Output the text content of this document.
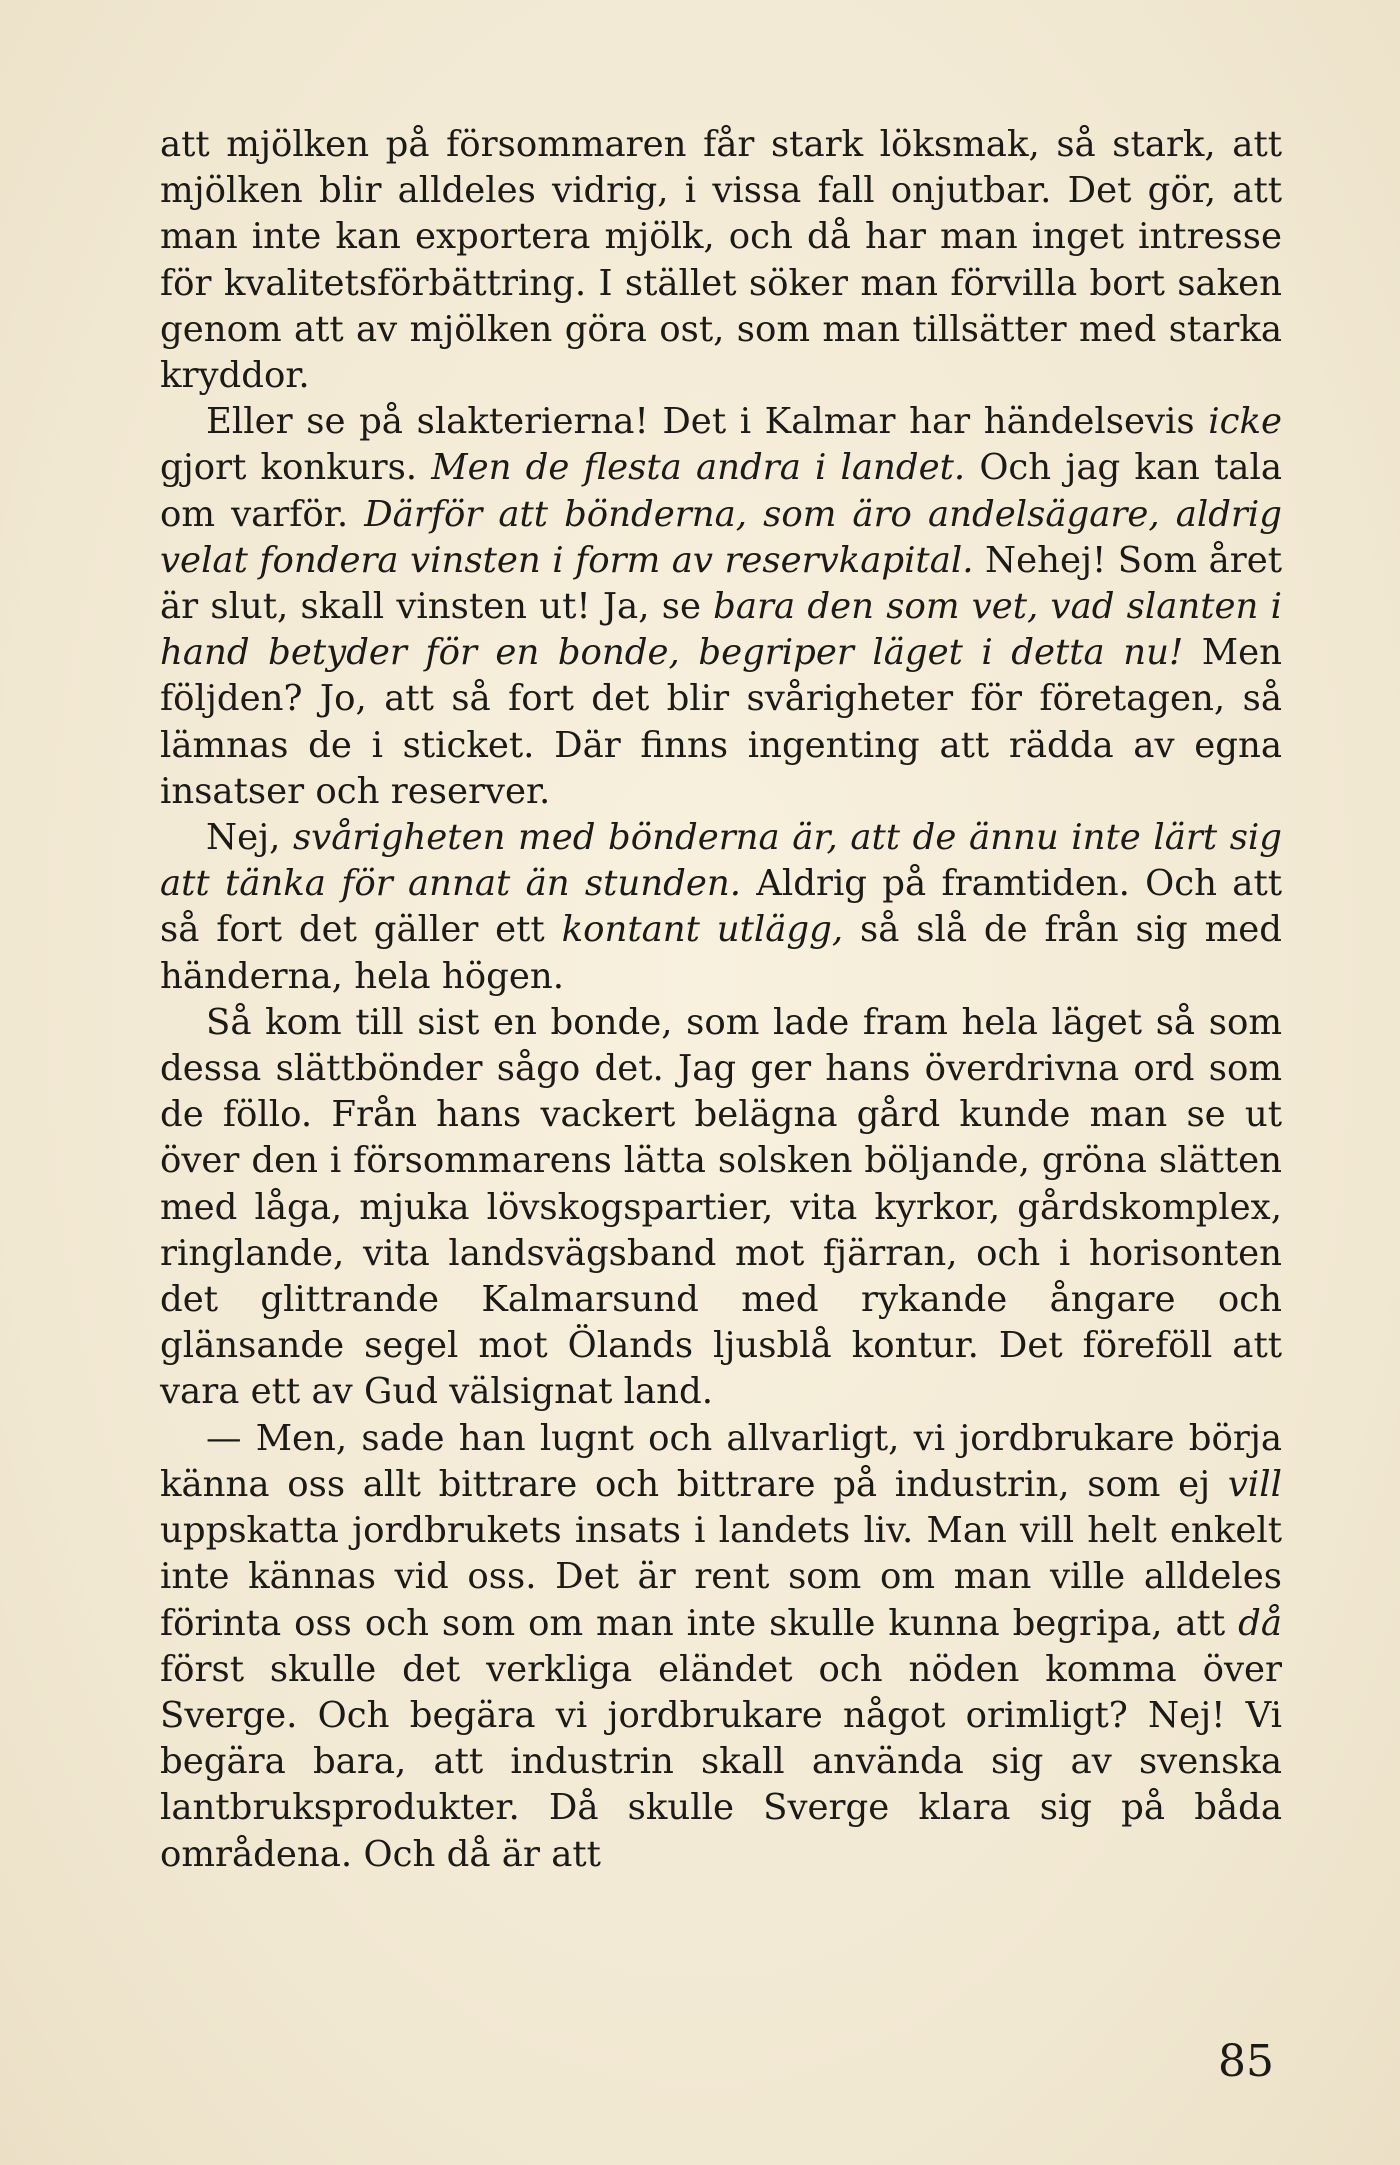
att mjölken på försommaren får stark löksmak, så stark, att mjölken blir alldeles vidrig, i vissa fall onjutbar. Det gör, att man inte kan exportera mjölk, och då har man inget intresse för kvalitetsförbättring. I stället söker man förvilla bort saken genom att av mjölken göra ost, som man tillsätter med starka kryddor.

Eller se på slakterierna! Det i Kalmar har händelsevis icke gjort konkurs. Men de flesta andra i landet. Och jag kan tala om varför. Därför att bönderna, som äro andelsägare, aldrig velat fondera vinsten i form av reservkapital. Nehej! Som året är slut, skall vinsten ut! Ja, se bara den som vet, vad slanten i hand betyder för en bonde, begriper läget i detta nu! Men följden? Jo, att så fort det blir svårigheter för företagen, så lämnas de i sticket. Där finns ingenting att rädda av egna insatser och reserver.

Nej, svårigheten med bönderna är, att de ännu inte lärt sig att tänka för annat än stunden. Aldrig på framtiden. Och att så fort det gäller ett kontant utlägg, så slå de från sig med händerna, hela högen.

Så kom till sist en bonde, som lade fram hela läget så som dessa slättbönder sågo det. Jag ger hans överdrivna ord som de föllo. Från hans vackert belägna gård kunde man se ut över den i försommarens lätta solsken böljande, gröna slätten med låga, mjuka lövskogspartier, vita kyrkor, gårdskomplex, ringlande, vita landsvägsband mot fjärran, och i horisonten det glittrande Kalmarsund med rykande ångare och glänsande segel mot Ölands ljusblå kontur. Det föreföll att vara ett av Gud välsignat land.

— Men, sade han lugnt och allvarligt, vi jordbrukare börja känna oss allt bittrare och bittrare på industrin, som ej vill uppskatta jordbrukets insats i landets liv. Man vill helt enkelt inte kännas vid oss. Det är rent som om man ville alldeles förinta oss och som om man inte skulle kunna begripa, att då först skulle det verkliga eländet och nöden komma över Sverge. Och begära vi jordbrukare något orimligt? Nej! Vi begära bara, att industrin skall använda sig av svenska lantbruksprodukter. Då skulle Sverge klara sig på båda områdena. Och då är att

85
